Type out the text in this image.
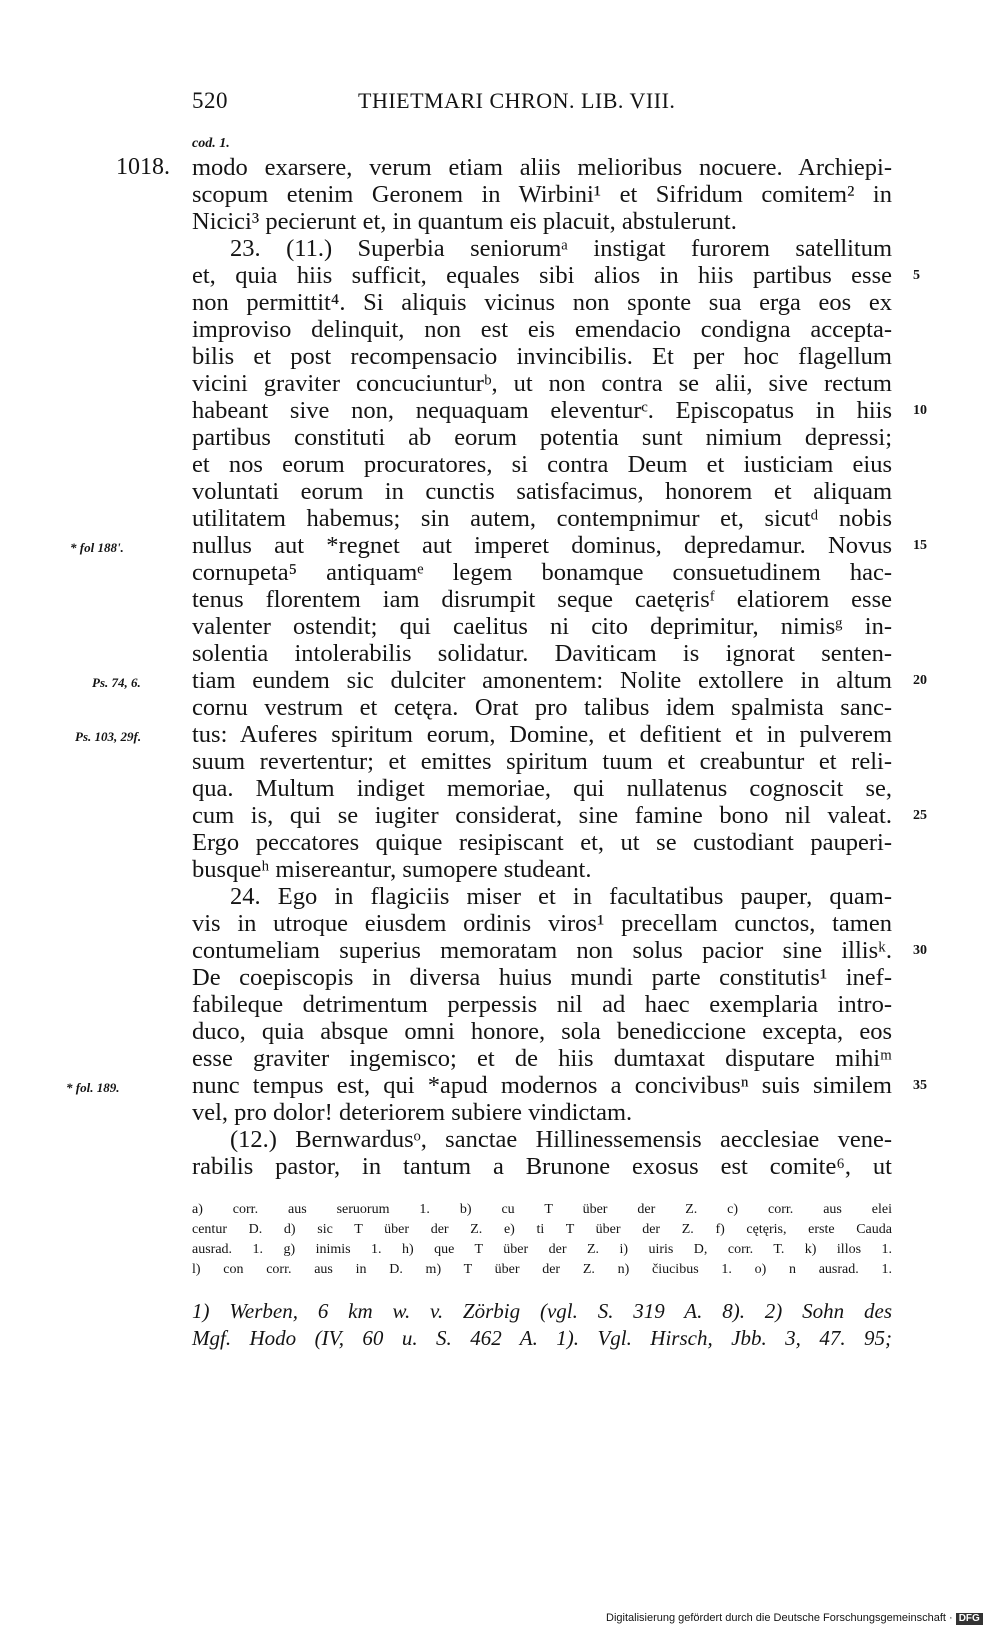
520	THIETMARI CHRON. LIB. VIII.
cod. 1.
1018. modo exarsere, verum etiam aliis melioribus nocuere. Archiepi-
scopum etenim Geronem in Wirbini¹ et Sifridum comitem² in
Nicici³ pecierunt et, in quantum eis placuit, abstulerunt.
23. (11.) Superbia seniorumᵃ instigat furorem satellitum
et, quia hiis sufficit, equales sibi alios in hiis partibus esse
non permittit⁴. Si aliquis vicinus non sponte sua erga eos ex
improviso delinquit, non est eis emendacio condigna accepta-
bilis et post recompensacio invincibilis. Et per hoc flagellum
vicini graviter concuciunturᵇ, ut non contra se alii, sive rectum
habeant sive non, nequaquam eleventurᶜ. Episcopatus in hiis
partibus constituti ab eorum potentia sunt nimium depressi;
et nos eorum procuratores, si contra Deum et iusticiam eius
voluntati eorum in cunctis satisfacimus, honorem et aliquam
utilitatem habemus; sin autem, contempnimur et, sicutᵈ nobis
nullus aut *regnet aut imperet dominus, depredamur. Novus
cornupeta⁵ antiquamᵉ legem bonamque consuetudinem hac-
tenus florentem iam disrumpit seque caetęrisᶠ elatiorem esse
valenter ostendit; qui caelitus ni cito deprimitur, nimisᵍ in-
solentia intolerabilis solidatur. Daviticam is ignorat senten-
tiam eundem sic dulciter amonentem: Nolite extollere in altum
cornu vestrum et cetęra. Orat pro talibus idem spalmista sanc-
tus: Auferes spiritum eorum, Domine, et defitient et in pulverem
suum revertentur; et emittes spiritum tuum et creabuntur et reli-
qua. Multum indiget memoriae, qui nullatenus cognoscit se,
cum is, qui se iugiter considerat, sine famine bono nil valeat.
Ergo peccatores quique resipiscant et, ut se custodiant pauperi-
busqueʰ misereantur, sumopere studeant.
24. Ego in flagiciis miser et in facultatibus pauper, quam-
vis in utroque eiusdem ordinis viros¹ precellam cunctos, tamen
contumeliam superius memoratam non solus pacior sine illisᵏ.
De coepiscopis in diversa huius mundi parte constitutis¹ inef-
fabileque detrimentum perpessis nil ad haec exemplaria intro-
duco, quia absque omni honore, sola benediccione excepta, eos
esse graviter ingemisco; et de hiis dumtaxat disputare mihiᵐ
nunc tempus est, qui *apud modernos a concivibusⁿ suis similem
vel, pro dolor! deteriorem subiere vindictam.
(12.) Bernwardusᵒ, sanctae Hillinessemensis aecclesiae vene-
rabilis pastor, in tantum a Brunone exosus est comite⁶, ut
5
10
15
20
25
30
35
* fol 188'.
Ps. 74, 6.
Ps. 103, 29f.
* fol. 189.
a) corr. aus seruorum 1. b) cu T über der Z. c) corr. aus elei
centur D. d) sic T über der Z. e) ti T über der Z. f) cętęris, erste Cauda
ausrad. 1. g) inimis 1. h) que T über der Z. i) uiris D, corr. T. k) illos 1.
l) con corr. aus in D. m) T über der Z. n) čiucibus 1. o) n ausrad. 1.
1) Werben, 6 km w. v. Zörbig (vgl. S. 319 A. 8). 2) Sohn des
Mgf. Hodo (IV, 60 u. S. 462 A. 1). Vgl. Hirsch, Jbb. 3, 47. 95;
Digitalisierung gefördert durch die Deutsche Forschungsgemeinschaft · DFG
